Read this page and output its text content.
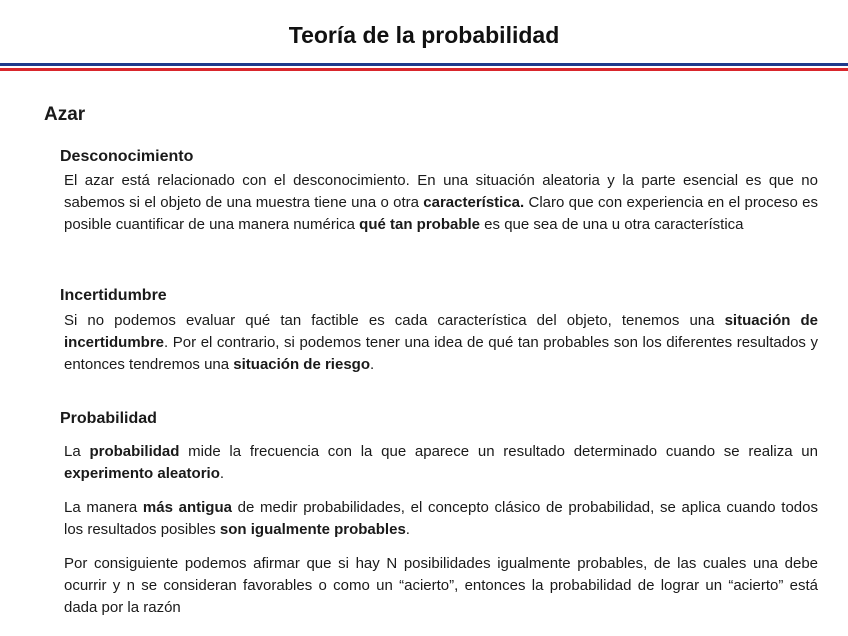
Teoría de la probabilidad
Azar
Desconocimiento
El azar está relacionado con el desconocimiento. En una situación aleatoria y la parte esencial es que no sabemos si el objeto de una muestra tiene una o otra característica. Claro que con experiencia en el proceso es posible cuantificar de una manera numérica qué tan probable es que sea de una u otra característica
Incertidumbre
Si no podemos evaluar qué tan factible es cada característica del objeto, tenemos una situación de incertidumbre. Por el contrario, si podemos tener una idea de qué tan probables son los diferentes resultados y entonces tendremos una situación de riesgo.
Probabilidad
La probabilidad mide la frecuencia con la que aparece un resultado determinado cuando se realiza un experimento aleatorio.
La manera más antigua de medir probabilidades, el concepto clásico de probabilidad, se aplica cuando todos los resultados posibles son igualmente probables.
Por consiguiente podemos afirmar que si hay N posibilidades igualmente probables, de las cuales una debe ocurrir y n se consideran favorables o como un “acierto”, entonces la probabilidad de lograr un “acierto” está dada por la razón
